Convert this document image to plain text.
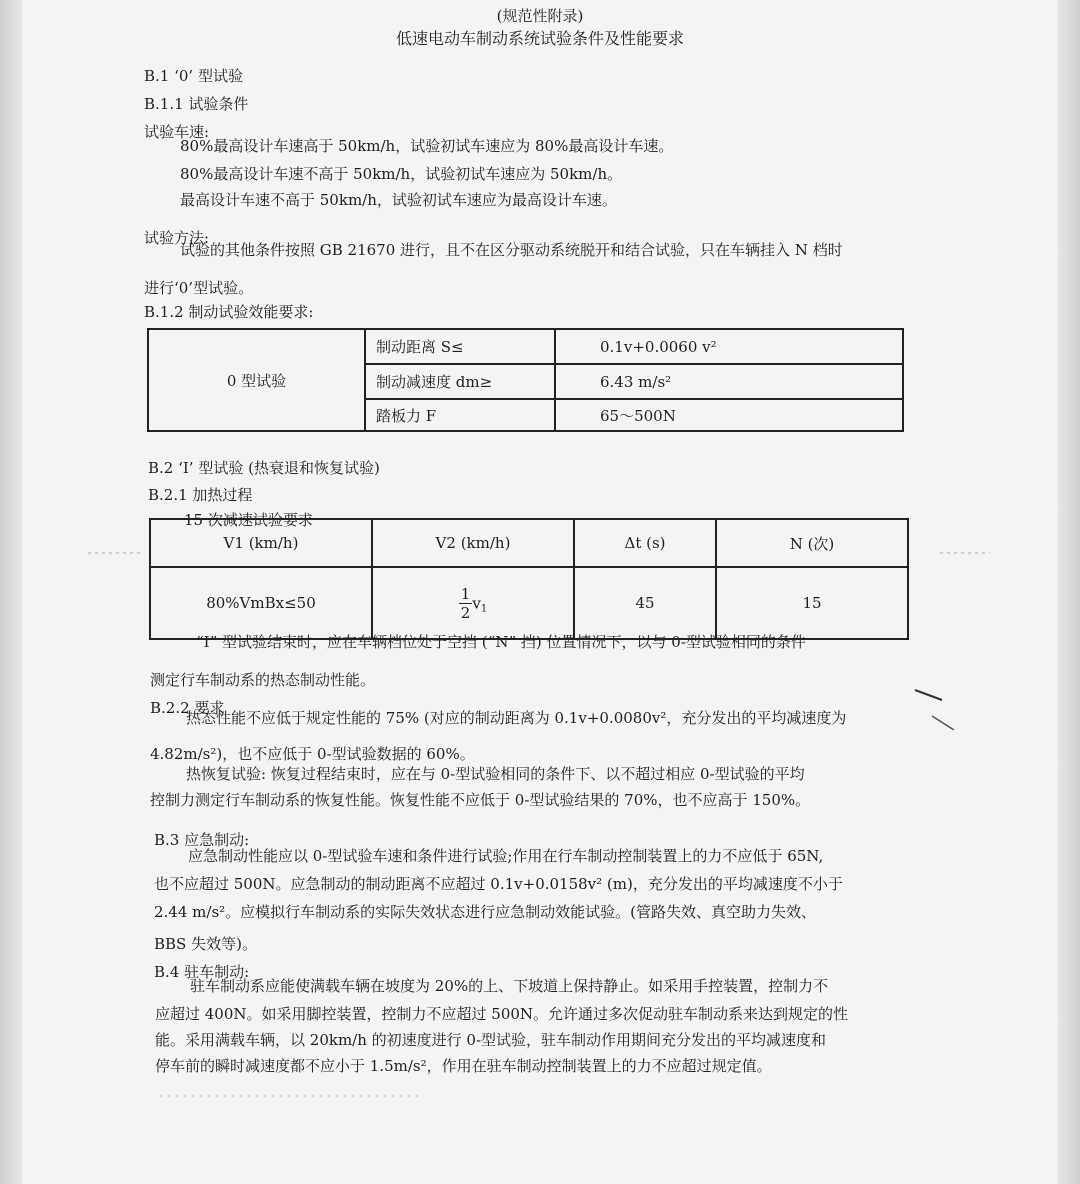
(规范性附录)
低速电动车制动系统试验条件及性能要求
B.1 ‘0’ 型试验
B.1.1 试验条件
试验车速:
80%最高设计车速高于 50km/h，试验初试车速应为 80%最高设计车速。
80%最高设计车速不高于 50km/h，试验初试车速应为 50km/h。
最高设计车速不高于 50km/h，试验初试车速应为最高设计车速。
试验方法:
试验的其他条件按照 GB 21670 进行，且不在区分驱动系统脱开和结合试验，只在车辆挂入 N 档时
进行‘0’型试验。
B.1.2 制动试验效能要求:
0 型试验	制动距离 S≤	0.1v+0.0060 v²
	制动减速度 dm≥	6.43 m/s²
	踏板力 F	65～500N
B.2 ‘I’ 型试验 (热衰退和恢复试验)
B.2.1 加热过程
15 次减速试验要求
V1 (km/h)	V2 (km/h)	Δt (s)	N (次)
80%VmBx≤50	$\frac{1}{2} v_1$	45	15
“I” 型试验结束时，应在车辆档位处于空挡 (“N” 挡) 位置情况下，以与 0-型试验相同的条件
测定行车制动系的热态制动性能。
B.2.2 要求
热态性能不应低于规定性能的 75% (对应的制动距离为 0.1v+0.0080v²，充分发出的平均减速度为
4.82m/s²)，也不应低于 0-型试验数据的 60%。
热恢复试验: 恢复过程结束时，应在与 0-型试验相同的条件下、以不超过相应 0-型试验的平均
控制力测定行车制动系的恢复性能。恢复性能不应低于 0-型试验结果的 70%，也不应高于 150%。
B.3 应急制动:
应急制动性能应以 0-型试验车速和条件进行试验;作用在行车制动控制装置上的力不应低于 65N,
也不应超过 500N。应急制动的制动距离不应超过 0.1v+0.0158v² (m)，充分发出的平均减速度不小于
2.44 m/s²。应模拟行车制动系的实际失效状态进行应急制动效能试验。(管路失效、真空助力失效、
BBS 失效等)。
B.4 驻车制动:
驻车制动系应能使满载车辆在坡度为 20%的上、下坡道上保持静止。如采用手控装置，控制力不
应超过 400N。如采用脚控装置，控制力不应超过 500N。允许通过多次促动驻车制动系来达到规定的性
能。采用满载车辆，以 20km/h 的初速度进行 0-型试验，驻车制动作用期间充分发出的平均减速度和
停车前的瞬时减速度都不应小于 1.5m/s²，作用在驻车制动控制装置上的力不应超过规定值。
